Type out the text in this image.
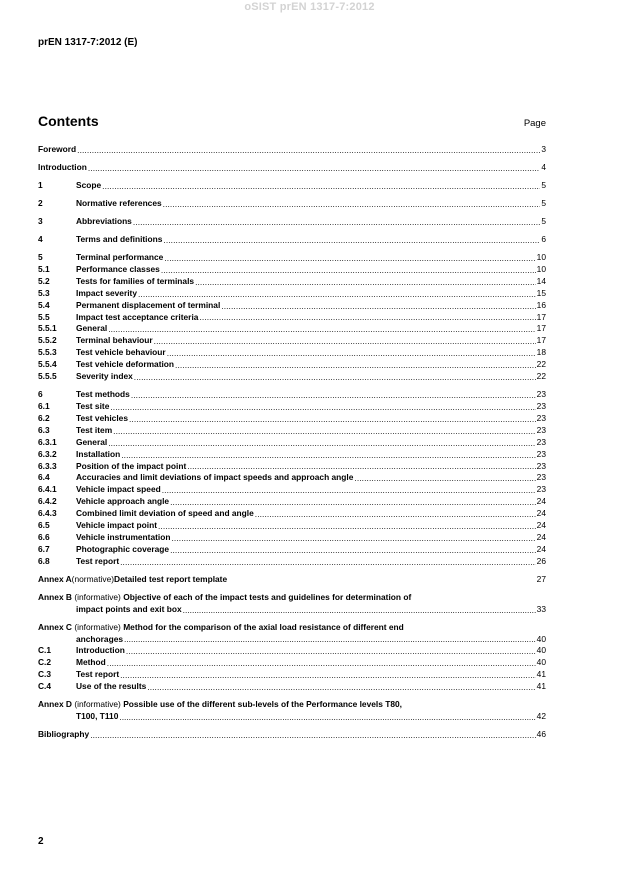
oSIST prEN 1317-7:2012
prEN 1317-7:2012 (E)
Contents	Page
Foreword .....	3
Introduction .....	4
1	Scope .....	5
2	Normative references .....	5
3	Abbreviations .....	5
4	Terms and definitions .....	6
5	Terminal performance .....	10
5.1	Performance classes .....	10
5.2	Tests for families of terminals .....	14
5.3	Impact severity .....	15
5.4	Permanent displacement of terminal .....	16
5.5	Impact test acceptance criteria .....	17
5.5.1	General .....	17
5.5.2	Terminal behaviour .....	17
5.5.3	Test vehicle behaviour .....	18
5.5.4	Test vehicle deformation .....	22
5.5.5	Severity index .....	22
6	Test methods .....	23
6.1	Test site .....	23
6.2	Test vehicles .....	23
6.3	Test item .....	23
6.3.1	General .....	23
6.3.2	Installation .....	23
6.3.3	Position of the impact point .....	23
6.4	Accuracies and limit deviations of impact speeds and approach angle .....	23
6.4.1	Vehicle impact speed .....	23
6.4.2	Vehicle approach angle .....	24
6.4.3	Combined limit deviation of speed and angle .....	24
6.5	Vehicle impact point .....	24
6.6	Vehicle instrumentation .....	24
6.7	Photographic coverage .....	24
6.8	Test report .....	26
Annex A (normative) Detailed test report template	27
Annex B (informative) Objective of each of the impact tests and guidelines for determination of
impact points and exit box .....	33
Annex C (informative) Method for the comparison of the axial load resistance of different end
anchorages .....	40
C.1	Introduction .....	40
C.2	Method .....	40
C.3	Test report .....	41
C.4	Use of the results .....	41
Annex D (informative) Possible use of the different sub-levels of the Performance levels T80,
T100, T110 .....	42
Bibliography .....	46
2
